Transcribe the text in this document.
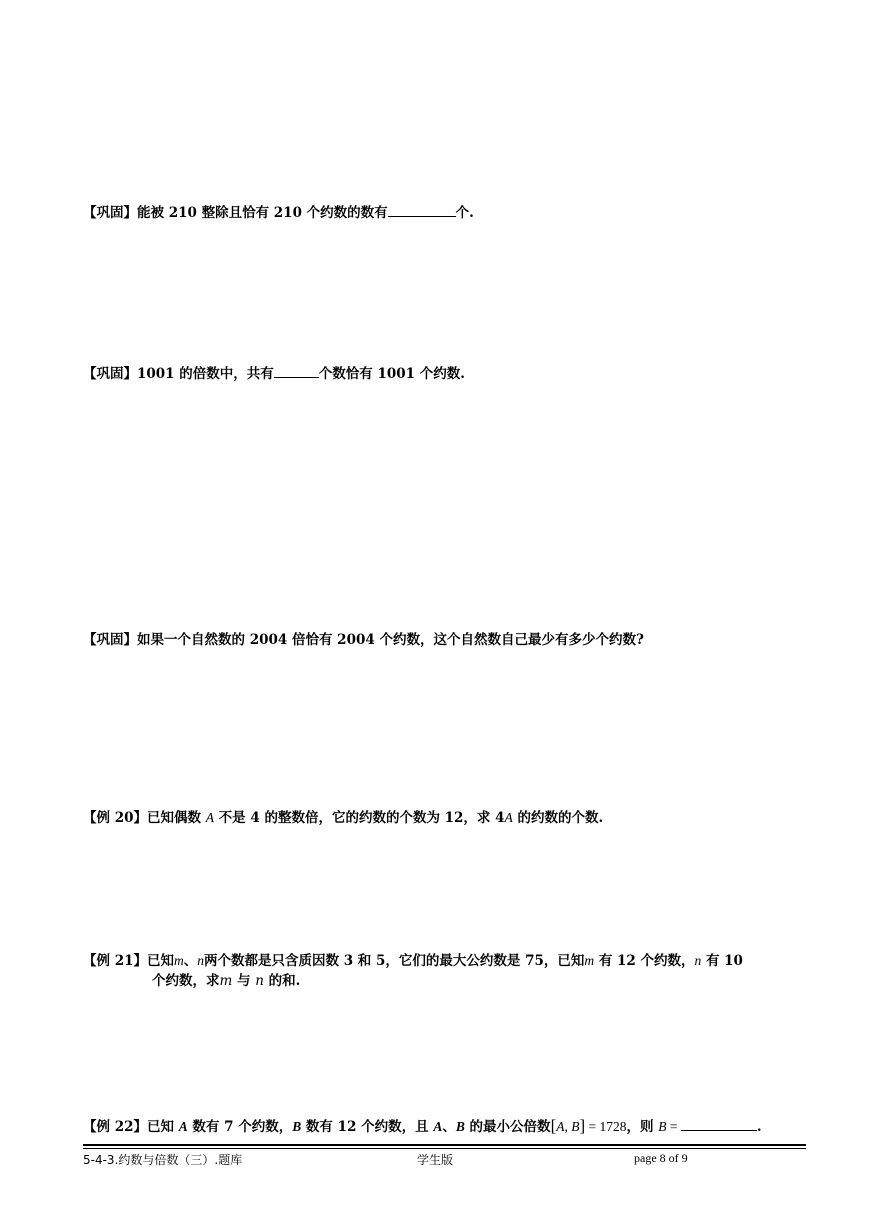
【巩固】能被 210 整除且恰有 210 个约数的数有	个.
【巩固】1001 的倍数中，共有	个数恰有 1001 个约数.
【巩固】如果一个自然数的 2004 倍恰有 2004 个约数，这个自然数自己最少有多少个约数?
【例 20】已知偶数 A 不是 4 的整数倍，它的约数的个数为 12，求 4A 的约数的个数.
【例 21】已知m、n两个数都是只含质因数 3 和 5，它们的最大公约数是 75，已知m 有 12 个约数，n 有 10
个约数，求m 与 n 的和.
【例 22】已知 A 数有 7 个约数，B 数有 12 个约数，且 A、B 的最小公倍数[A, B] = 1728，则 B =	.
5-4-3.约数与倍数（三）.题库	学生版	page 8 of 9
